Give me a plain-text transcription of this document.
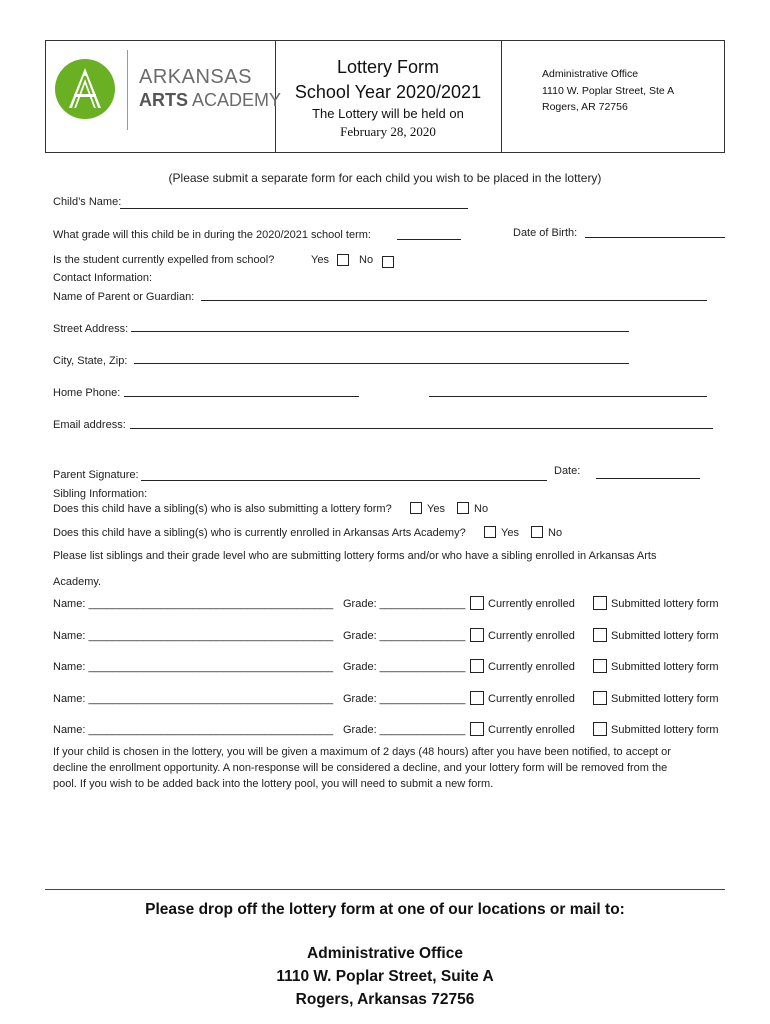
ARKANSAS
ARTS ACADEMY
Lottery Form
School Year 2020/2021
The Lottery will be held on
February 28, 2020
Administrative Office
1110 W. Poplar Street, Ste A
Rogers, AR 72756
(Please submit a separate form for each child you wish to be placed in the lottery)
Child’s Name:
What grade will this child be in during the 2020/2021 school term:	Date of Birth:
Is the student currently expelled from school?	Yes	No
Contact Information:
Name of Parent or Guardian:
Street Address:
City, State, Zip:
Home Phone:
Email address:
Parent Signature:	Date:
Sibling Information:
Does this child have a sibling(s) who is also submitting a lottery form?	Yes	No
Does this child have a sibling(s) who is currently enrolled in Arkansas Arts Academy?	Yes	No
Please list siblings and their grade level who are submitting lottery forms and/or who have a sibling enrolled in Arkansas Arts
Academy.
Name: ________________________________________ Grade: ______________ Currently enrolled	Submitted lottery form
Name: ________________________________________ Grade: ______________ Currently enrolled	Submitted lottery form
Name: ________________________________________ Grade: ______________ Currently enrolled	Submitted lottery form
Name: ________________________________________ Grade: ______________ Currently enrolled	Submitted lottery form
Name: ________________________________________ Grade: ______________ Currently enrolled	Submitted lottery form
If your child is chosen in the lottery, you will be given a maximum of 2 days (48 hours) after you have been notified, to accept or
decline the enrollment opportunity. A non-response will be considered a decline, and your lottery form will be removed from the
pool. If you wish to be added back into the lottery pool, you will need to submit a new form.
Please drop off the lottery form at one of our locations or mail to:
Administrative Office
1110 W. Poplar Street, Suite A
Rogers, Arkansas 72756
